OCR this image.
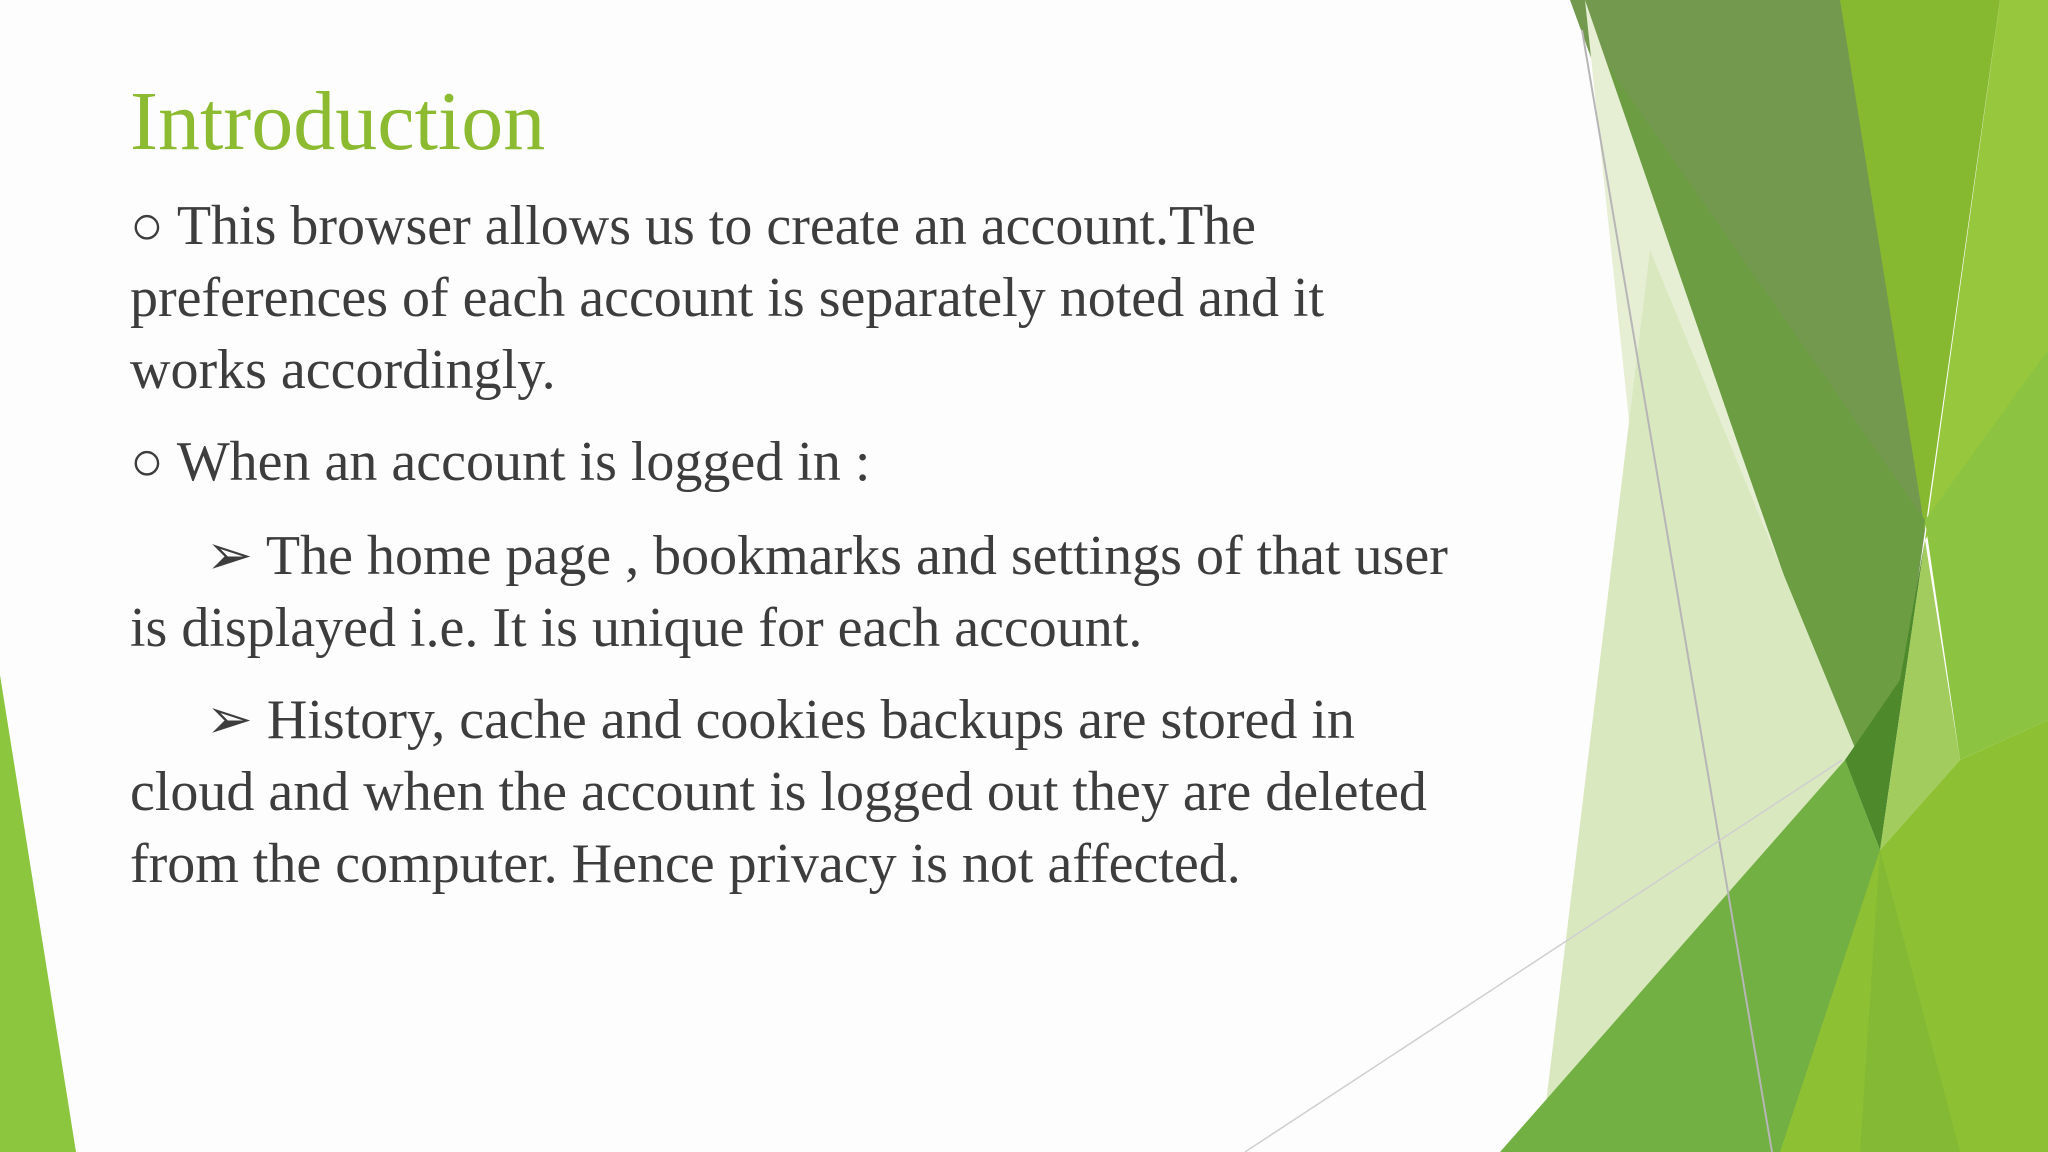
Introduction

○ This browser allows us to create an account.The
preferences of each account is separately noted and it
works accordingly.

○ When an account is logged in :

➢ The home page , bookmarks and settings of that user
is displayed i.e. It is unique for each account.

➢ History, cache and cookies backups are stored in
cloud and when the account is logged out they are deleted
from the computer. Hence privacy is not affected.
